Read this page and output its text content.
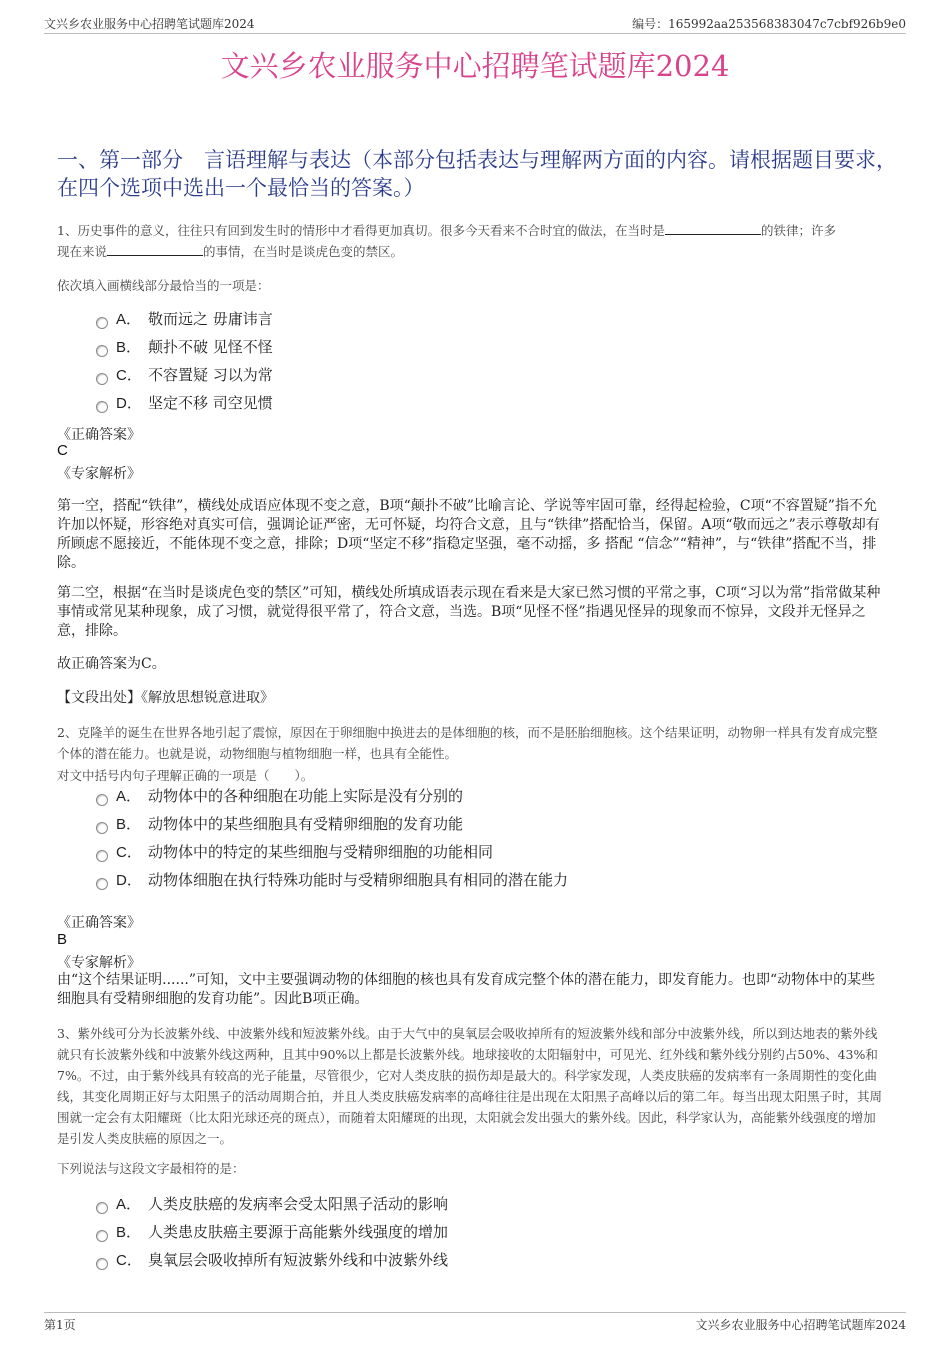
文兴乡农业服务中心招聘笔试题库2024	编号：165992aa253568383047c7cbf926b9e0
文兴乡农业服务中心招聘笔试题库2024
一、第一部分　言语理解与表达（本部分包括表达与理解两方面的内容。请根据题目要求，在四个选项中选出一个最恰当的答案。）
1、历史事件的意义，往往只有回到发生时的情形中才看得更加真切。很多今天看来不合时宜的做法，在当时是	的铁律；许多
现在来说	的事情，在当时是谈虎色变的禁区。
依次填入画横线部分最恰当的一项是：
A． 敬而远之 毋庸讳言
B． 颠扑不破 见怪不怪
C． 不容置疑 习以为常
D． 坚定不移 司空见惯
《正确答案》
C
《专家解析》
第一空，搭配“铁律”，横线处成语应体现不变之意，B项“颠扑不破”比喻言论、学说等牢固可靠，经得起检验，C项“不容置疑”指不允许加以怀疑，形容绝对真实可信，强调论证严密，无可怀疑，均符合文意，且与“铁律”搭配恰当，保留。A项“敬而远之”表示尊敬却有所顾虑不愿接近，不能体现不变之意，排除；D项“坚定不移”指稳定坚强，毫不动摇，多 搭配 “信念”“精神”，与“铁律”搭配不当，排除。
第二空，根据“在当时是谈虎色变的禁区”可知，横线处所填成语表示现在看来是大家已然习惯的平常之事，C项“习以为常”指常做某种事情或常见某种现象，成了习惯，就觉得很平常了，符合文意，当选。B项“见怪不怪”指遇见怪异的现象而不惊异，文段并无怪异之意，排除。
故正确答案为C。
【文段出处】《解放思想锐意进取》
2、克隆羊的诞生在世界各地引起了震惊，原因在于卵细胞中换进去的是体细胞的核，而不是胚胎细胞核。这个结果证明，动物卵一样具有发育成完整个体的潜在能力。也就是说，动物细胞与植物细胞一样，也具有全能性。
对文中括号内句子理解正确的一项是（　　）。
A． 动物体中的各种细胞在功能上实际是没有分别的
B． 动物体中的某些细胞具有受精卵细胞的发育功能
C． 动物体中的特定的某些细胞与受精卵细胞的功能相同
D． 动物体细胞在执行特殊功能时与受精卵细胞具有相同的潜在能力
《正确答案》
B
《专家解析》
由“这个结果证明......”可知，文中主要强调动物的体细胞的核也具有发育成完整个体的潜在能力，即发育能力。也即“动物体中的某些细胞具有受精卵细胞的发育功能”。因此B项正确。
3、紫外线可分为长波紫外线、中波紫外线和短波紫外线。由于大气中的臭氧层会吸收掉所有的短波紫外线和部分中波紫外线，所以到达地表的紫外线就只有长波紫外线和中波紫外线这两种，且其中90%以上都是长波紫外线。地球接收的太阳辐射中，可见光、红外线和紫外线分别约占50%、43%和7%。不过，由于紫外线具有较高的光子能量，尽管很少，它对人类皮肤的损伤却是最大的。科学家发现，人类皮肤癌的发病率有一条周期性的变化曲线，其变化周期正好与太阳黑子的活动周期合拍，并且人类皮肤癌发病率的高峰往往是出现在太阳黑子高峰以后的第二年。每当出现太阳黑子时，其周围就一定会有太阳耀斑（比太阳光球还亮的斑点），而随着太阳耀斑的出现，太阳就会发出强大的紫外线。因此，科学家认为，高能紫外线强度的增加是引发人类皮肤癌的原因之一。
下列说法与这段文字最相符的是：
A． 人类皮肤癌的发病率会受太阳黑子活动的影响
B． 人类患皮肤癌主要源于高能紫外线强度的增加
C． 臭氧层会吸收掉所有短波紫外线和中波紫外线
第1页	文兴乡农业服务中心招聘笔试题库2024
